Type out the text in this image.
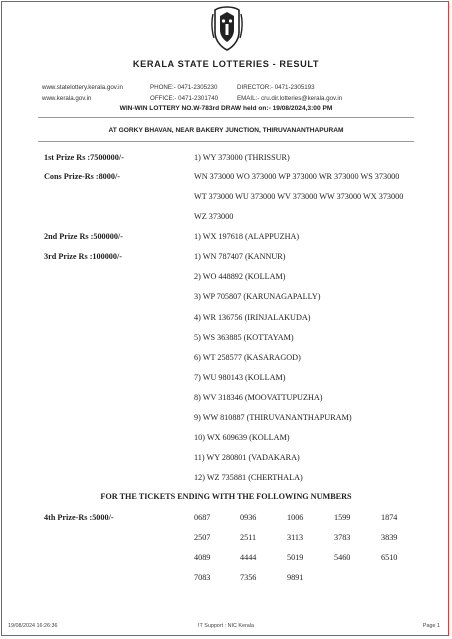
KERALA STATE LOTTERIES - RESULT
www.statelottery.kerala.gov.in
www.kerala.gov.in
PHONE:- 0471-2305230
OFFICE:- 0471-2301740
DIRECTOR:- 0471-2305193
EMAIL:- cru.dir.lotteries@kerala.gov.in
WIN-WIN LOTTERY NO.W-783rd DRAW held on:- 19/08/2024,3:00 PM
AT GORKY BHAVAN, NEAR BAKERY JUNCTION, THIRUVANANTHAPURAM
1st Prize Rs :7500000/-	1) WY 373000 (THRISSUR)
Cons Prize-Rs :8000/-	WN 373000 WO 373000 WP 373000 WR 373000 WS 373000
WT 373000 WU 373000 WV 373000 WW 373000 WX 373000
WZ 373000
2nd Prize Rs :500000/-	1) WX 197618 (ALAPPUZHA)
3rd Prize Rs :100000/-	1) WN 787407 (KANNUR)
2) WO 448892 (KOLLAM)
3) WP 705807 (KARUNAGAPALLY)
4) WR 136756 (IRINJALAKUDA)
5) WS 363885 (KOTTAYAM)
6) WT 258577 (KASARAGOD)
7) WU 980143 (KOLLAM)
8) WV 318346 (MOOVATTUPUZHA)
9) WW 810887 (THIRUVANANTHAPURAM)
10) WX 609639 (KOLLAM)
11) WY 280801 (VADAKARA)
12) WZ 735881 (CHERTHALA)
FOR THE TICKETS ENDING WITH THE FOLLOWING NUMBERS
4th Prize-Rs :5000/-	0687	0936	1006	1599	1874
2507	2511	3113	3783	3839
4089	4444	5019	5460	6510
7083	7356	9891
19/08/2024 16:26:36	IT Support : NIC Kerala	Page 1
